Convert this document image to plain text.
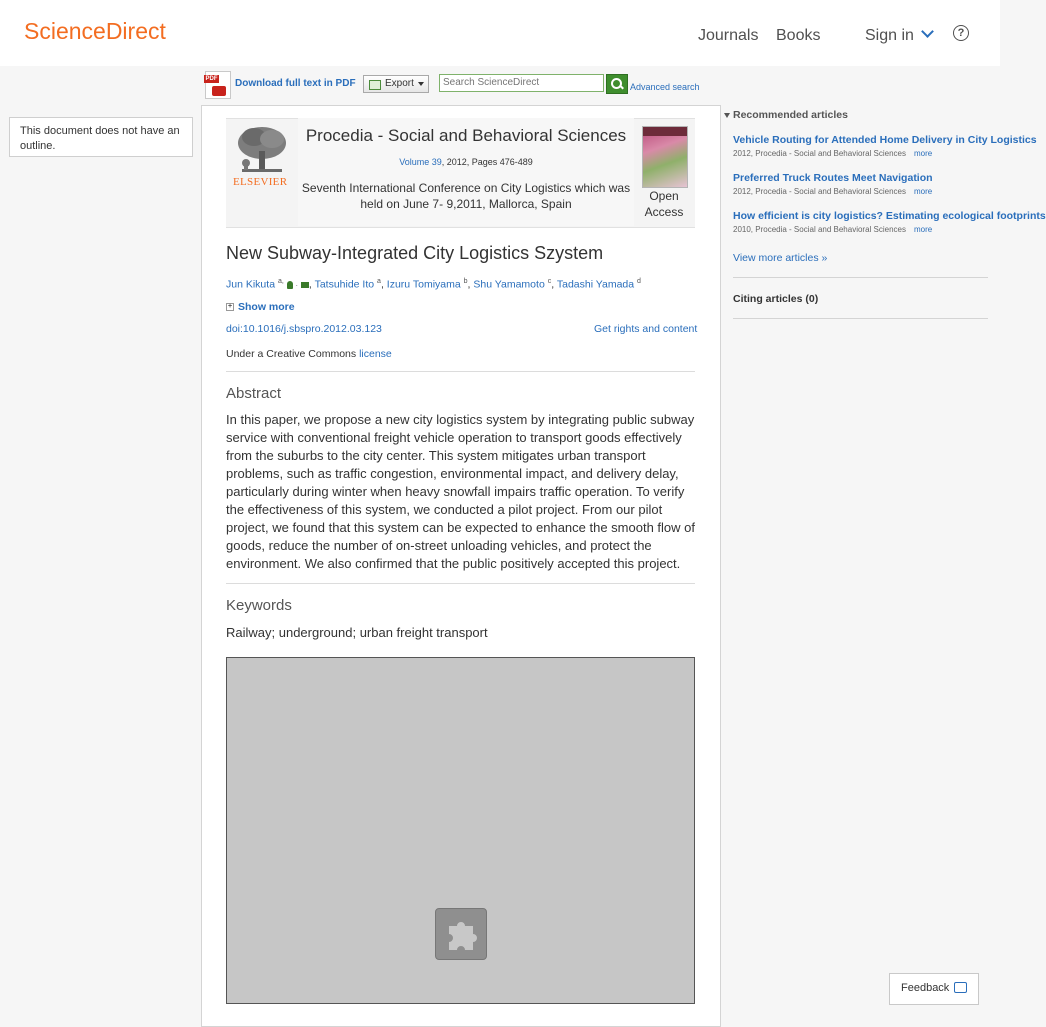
ScienceDirect	Journals Books	Sign in	?
PDF Download full text in PDF	Export
Search ScienceDirect	Advanced search
This document does not have an outline.
ELSEVIER
Procedia - Social and Behavioral Sciences
Volume 39, 2012, Pages 476-489
Seventh International Conference on City Logistics which was held on June 7- 9,2011, Mallorca, Spain
Open Access
New Subway-Integrated City Logistics Szystem
Jun Kikuta $^{a,}$  · , Tatsuhide Ito $^a$, Izuru Tomiyama $^b$, Shu Yamamoto $^c$, Tadashi Yamada $^d$
+ Show more
doi:10.1016/j.sbspro.2012.03.123	Get rights and content
Under a Creative Commons license
Abstract
In this paper, we propose a new city logistics system by integrating public subway service with conventional freight vehicle operation to transport goods effectively from the suburbs to the city center. This system mitigates urban transport problems, such as traffic congestion, environmental impact, and delivery delay, particularly during winter when heavy snowfall impairs traffic operation. To verify the effectiveness of this system, we conducted a pilot project. From our pilot project, we found that this system can be expected to enhance the smooth flow of goods, reduce the number of on-street unloading vehicles, and protect the environment. We also confirmed that the public positively accepted this project.
Keywords
Railway; underground; urban freight transport
Recommended articles
Vehicle Routing for Attended Home Delivery in City Logistics
2012, Procedia - Social and Behavioral Sciences more
Preferred Truck Routes Meet Navigation
2012, Procedia - Social and Behavioral Sciences more
How efficient is city logistics? Estimating ecological footprints
2010, Procedia - Social and Behavioral Sciences more
View more articles »
Citing articles (0)
Feedback
